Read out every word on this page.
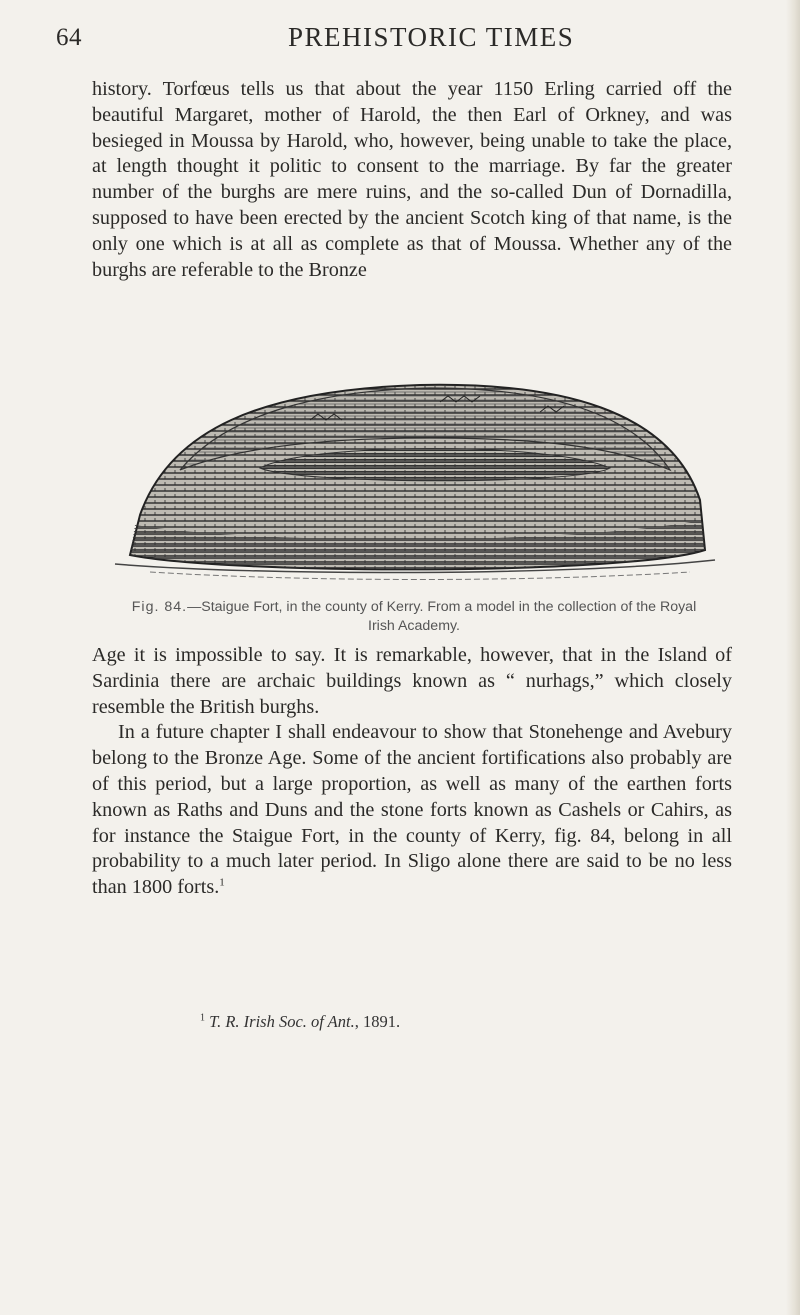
64	PREHISTORIC TIMES

history. Torfœus tells us that about the year 1150 Erling carried off the beautiful Margaret, mother of Harold, the then Earl of Orkney, and was besieged in Moussa by Harold, who, however, being unable to take the place, at length thought it politic to consent to the marriage. By far the greater number of the burghs are mere ruins, and the so-called Dun of Dornadilla, supposed to have been erected by the ancient Scotch king of that name, is the only one which is at all as complete as that of Moussa. Whether any of the burghs are referable to the Bronze

Fig. 84.—Staigue Fort, in the county of Kerry. From a model in the collection of the Royal Irish Academy.

Age it is impossible to say. It is remarkable, however, that in the Island of Sardinia there are archaic buildings known as “ nurhags,” which closely resemble the British burghs.

In a future chapter I shall endeavour to show that Stonehenge and Avebury belong to the Bronze Age. Some of the ancient fortifications also probably are of this period, but a large proportion, as well as many of the earthen forts known as Raths and Duns and the stone forts known as Cashels or Cahirs, as for instance the Staigue Fort, in the county of Kerry, fig. 84, belong in all probability to a much later period. In Sligo alone there are said to be no less than 1800 forts.$^1$

$^1$ T. R. Irish Soc. of Ant., 1891.
